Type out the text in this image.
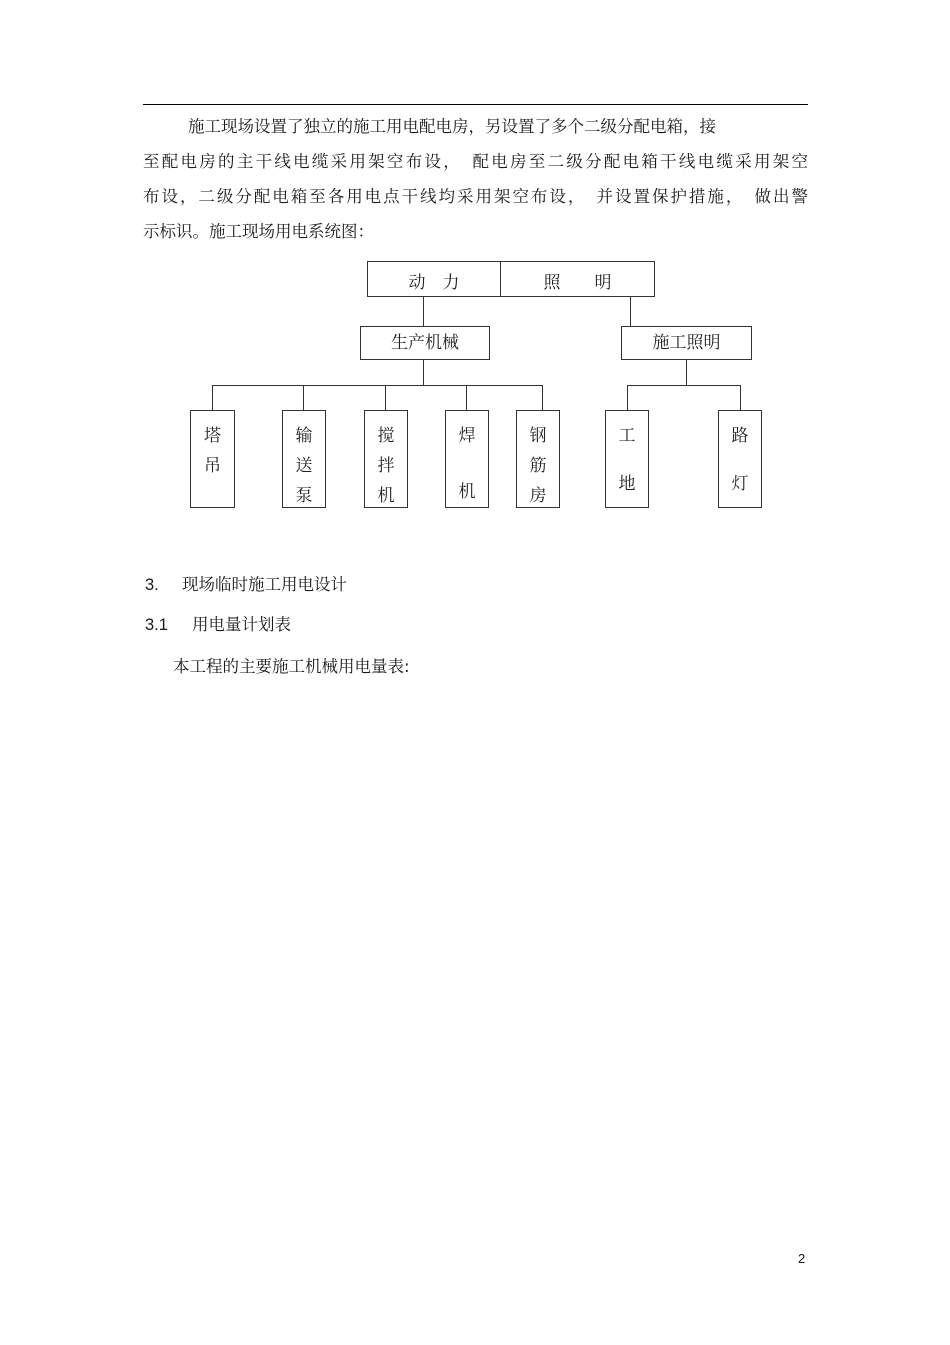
施工现场设置了独立的施工用电配电房，另设置了多个二级分配电箱，接
至配电房的主干线电缆采用架空布设，　配电房至二级分配电箱干线电缆采用架空
布设，二级分配电箱至各用电点干线均采用架空布设，　并设置保护措施，　做出警
示标识。施工现场用电系统图：
动　力	照　　明
生产机械	施工照明
塔
吊
输
送
泵
搅
拌
机
焊
机
钢
筋
房
工
地
路
灯
3. 现场临时施工用电设计
3.1 用电量计划表
本工程的主要施工机械用电量表:
2
